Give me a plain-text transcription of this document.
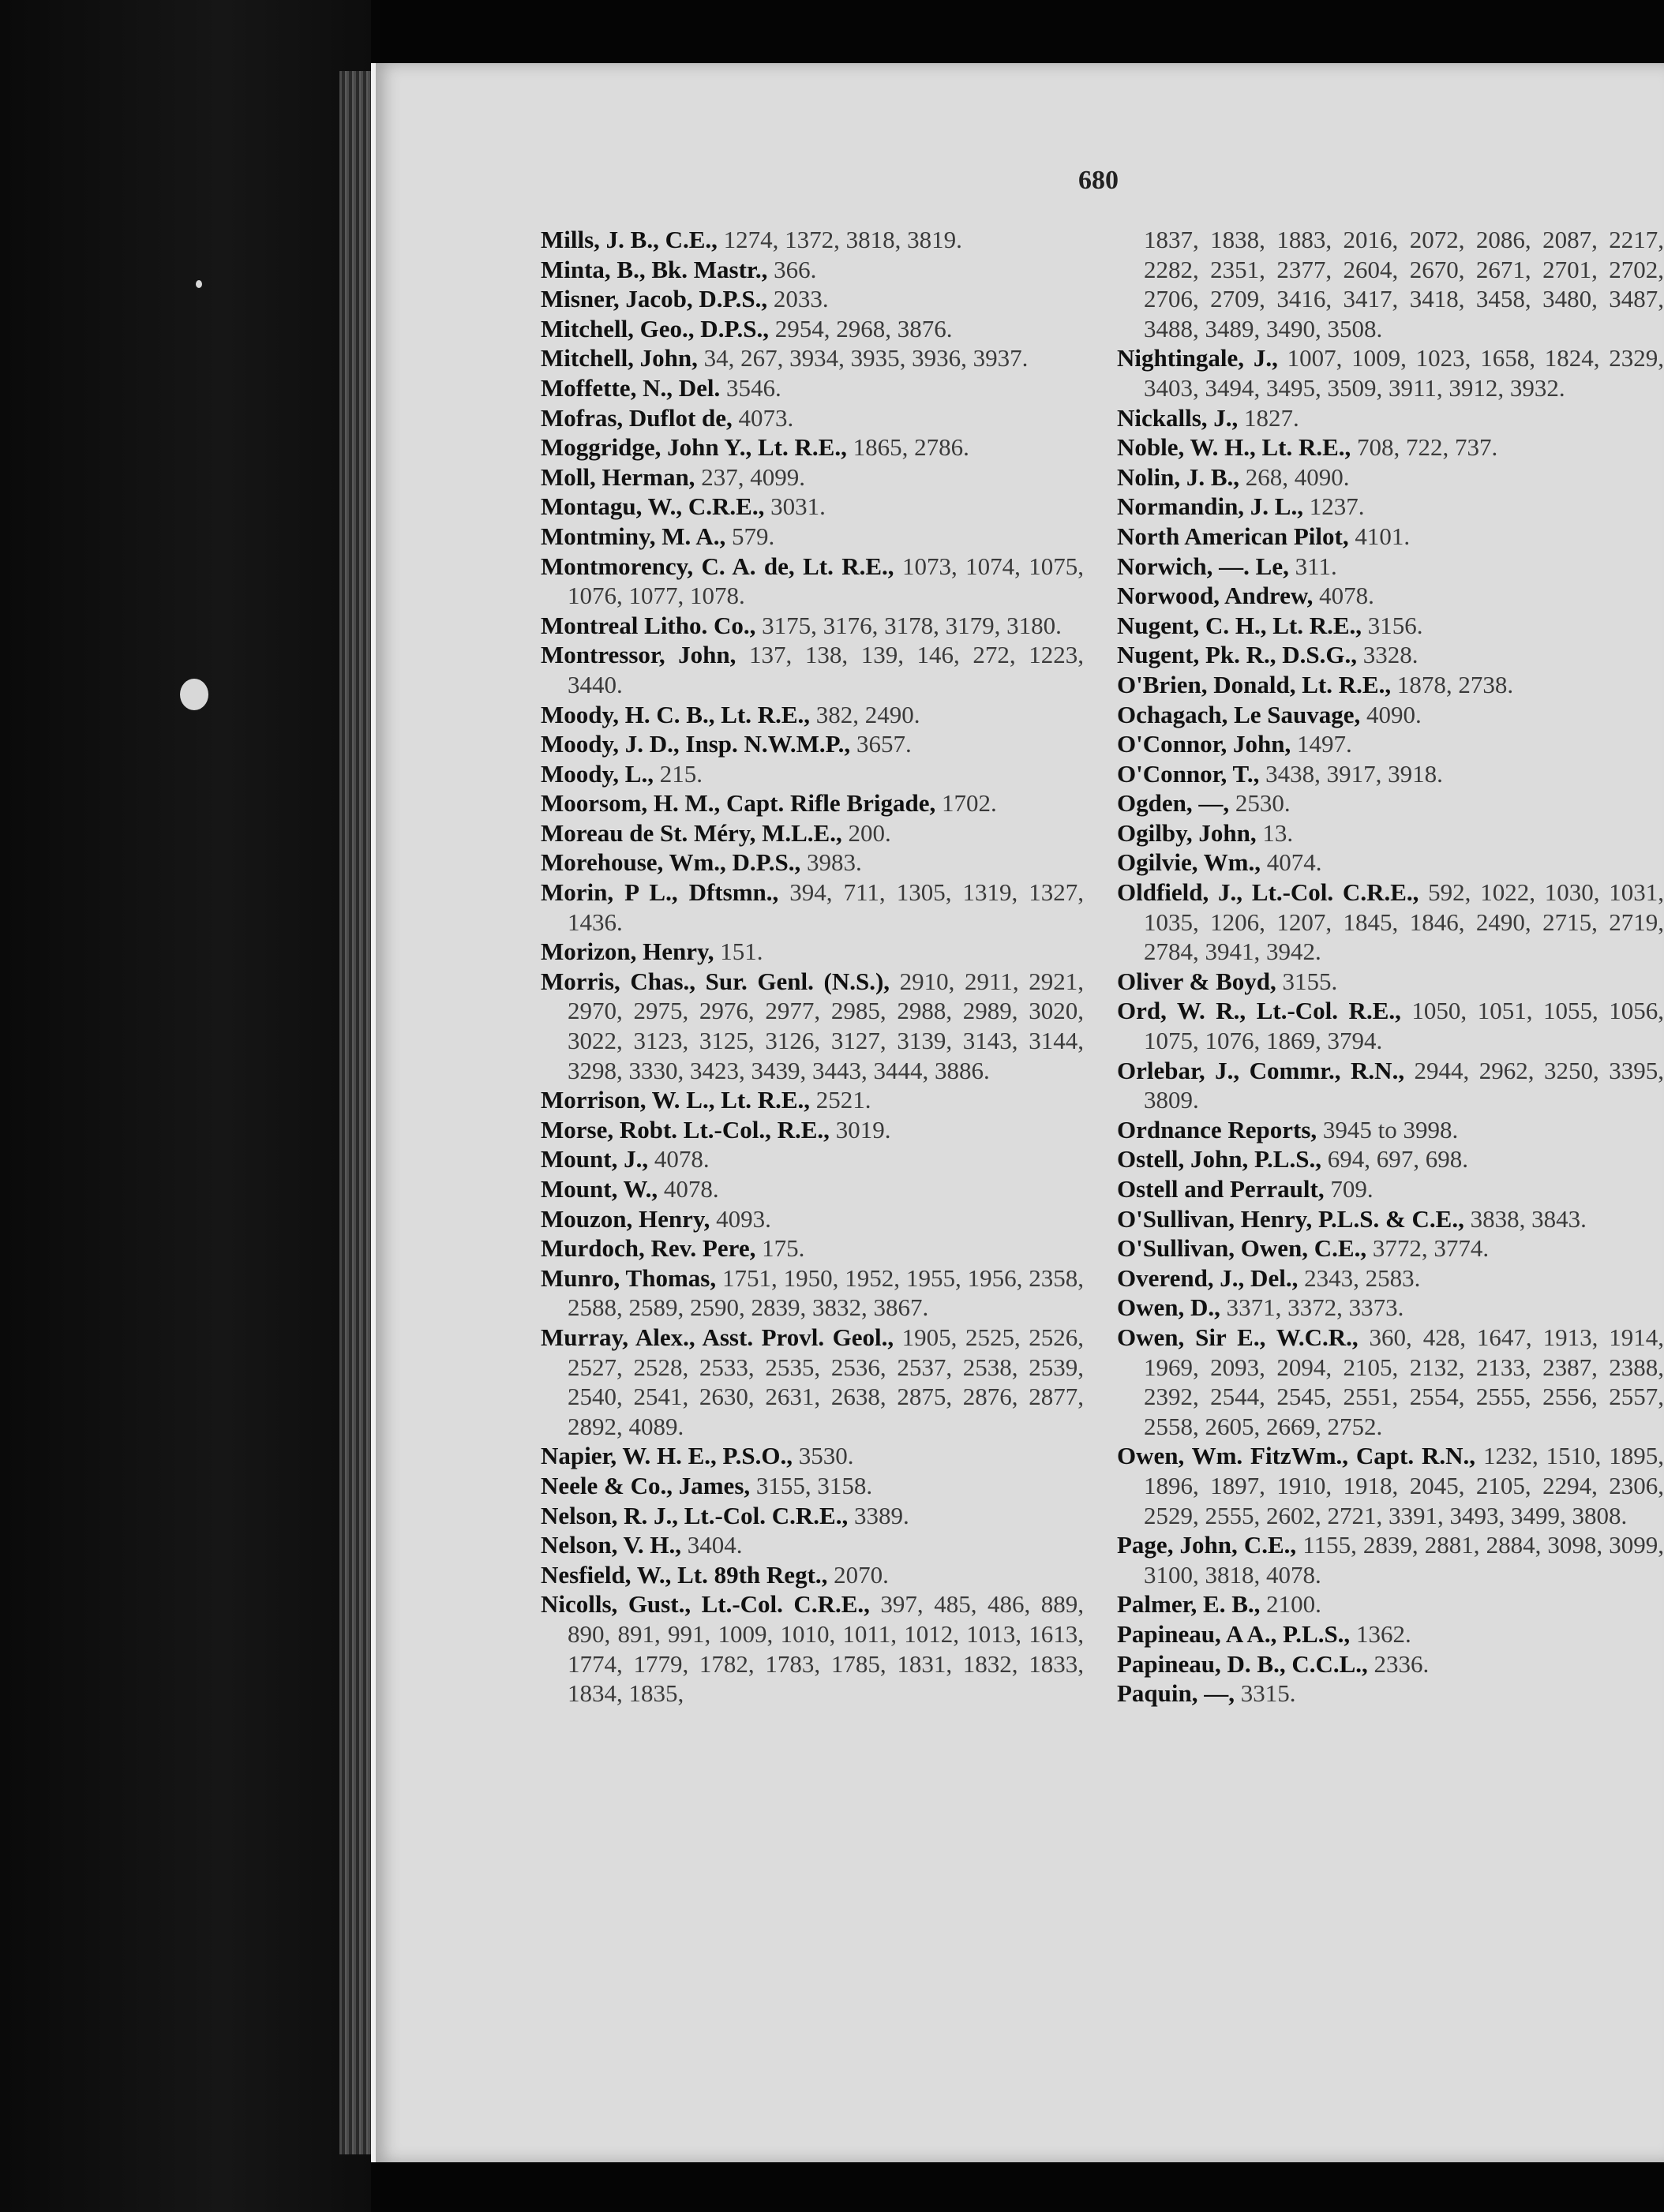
680
Mills, J. B., C.E., 1274, 1372, 3818, 3819.
Minta, B., Bk. Mastr., 366.
Misner, Jacob, D.P.S., 2033.
Mitchell, Geo., D.P.S., 2954, 2968, 3876.
Mitchell, John, 34, 267, 3934, 3935, 3936, 3937.
Moffette, N., Del. 3546.
Mofras, Duflot de, 4073.
Moggridge, John Y., Lt. R.E., 1865, 2786.
Moll, Herman, 237, 4099.
Montagu, W., C.R.E., 3031.
Montminy, M. A., 579.
Montmorency, C. A. de, Lt. R.E., 1073, 1074, 1075, 1076, 1077, 1078.
Montreal Litho. Co., 3175, 3176, 3178, 3179, 3180.
Montressor, John, 137, 138, 139, 146, 272, 1223, 3440.
Moody, H. C. B., Lt. R.E., 382, 2490.
Moody, J. D., Insp. N.W.M.P., 3657.
Moody, L., 215.
Moorsom, H. M., Capt. Rifle Brigade, 1702.
Moreau de St. Méry, M.L.E., 200.
Morehouse, Wm., D.P.S., 3983.
Morin, P L., Dftsmn., 394, 711, 1305, 1319, 1327, 1436.
Morizon, Henry, 151.
Morris, Chas., Sur. Genl. (N.S.), 2910, 2911, 2921, 2970, 2975, 2976, 2977, 2985, 2988, 2989, 3020, 3022, 3123, 3125, 3126, 3127, 3139, 3143, 3144, 3298, 3330, 3423, 3439, 3443, 3444, 3886.
Morrison, W. L., Lt. R.E., 2521.
Morse, Robt. Lt.-Col., R.E., 3019.
Mount, J., 4078.
Mount, W., 4078.
Mouzon, Henry, 4093.
Murdoch, Rev. Pere, 175.
Munro, Thomas, 1751, 1950, 1952, 1955, 1956, 2358, 2588, 2589, 2590, 2839, 3832, 3867.
Murray, Alex., Asst. Provl. Geol., 1905, 2525, 2526, 2527, 2528, 2533, 2535, 2536, 2537, 2538, 2539, 2540, 2541, 2630, 2631, 2638, 2875, 2876, 2877, 2892, 4089.
Napier, W. H. E., P.S.O., 3530.
Neele & Co., James, 3155, 3158.
Nelson, R. J., Lt.-Col. C.R.E., 3389.
Nelson, V. H., 3404.
Nesfield, W., Lt. 89th Regt., 2070.
Nicolls, Gust., Lt.-Col. C.R.E., 397, 485, 486, 889, 890, 891, 991, 1009, 1010, 1011, 1012, 1013, 1613, 1774, 1779, 1782, 1783, 1785, 1831, 1832, 1833, 1834, 1835,
1837, 1838, 1883, 2016, 2072, 2086, 2087, 2217, 2282, 2351, 2377, 2604, 2670, 2671, 2701, 2702, 2706, 2709, 3416, 3417, 3418, 3458, 3480, 3487, 3488, 3489, 3490, 3508.
Nightingale, J., 1007, 1009, 1023, 1658, 1824, 2329, 3403, 3494, 3495, 3509, 3911, 3912, 3932.
Nickalls, J., 1827.
Noble, W. H., Lt. R.E., 708, 722, 737.
Nolin, J. B., 268, 4090.
Normandin, J. L., 1237.
North American Pilot, 4101.
Norwich, —. Le, 311.
Norwood, Andrew, 4078.
Nugent, C. H., Lt. R.E., 3156.
Nugent, Pk. R., D.S.G., 3328.
O'Brien, Donald, Lt. R.E., 1878, 2738.
Ochagach, Le Sauvage, 4090.
O'Connor, John, 1497.
O'Connor, T., 3438, 3917, 3918.
Ogden, —, 2530.
Ogilby, John, 13.
Ogilvie, Wm., 4074.
Oldfield, J., Lt.-Col. C.R.E., 592, 1022, 1030, 1031, 1035, 1206, 1207, 1845, 1846, 2490, 2715, 2719, 2784, 3941, 3942.
Oliver & Boyd, 3155.
Ord, W. R., Lt.-Col. R.E., 1050, 1051, 1055, 1056, 1075, 1076, 1869, 3794.
Orlebar, J., Commr., R.N., 2944, 2962, 3250, 3395, 3809.
Ordnance Reports, 3945 to 3998.
Ostell, John, P.L.S., 694, 697, 698.
Ostell and Perrault, 709.
O'Sullivan, Henry, P.L.S. & C.E., 3838, 3843.
O'Sullivan, Owen, C.E., 3772, 3774.
Overend, J., Del., 2343, 2583.
Owen, D., 3371, 3372, 3373.
Owen, Sir E., W.C.R., 360, 428, 1647, 1913, 1914, 1969, 2093, 2094, 2105, 2132, 2133, 2387, 2388, 2392, 2544, 2545, 2551, 2554, 2555, 2556, 2557, 2558, 2605, 2669, 2752.
Owen, Wm. FitzWm., Capt. R.N., 1232, 1510, 1895, 1896, 1897, 1910, 1918, 2045, 2105, 2294, 2306, 2529, 2555, 2602, 2721, 3391, 3493, 3499, 3808.
Page, John, C.E., 1155, 2839, 2881, 2884, 3098, 3099, 3100, 3818, 4078.
Palmer, E. B., 2100.
Papineau, A A., P.L.S., 1362.
Papineau, D. B., C.C.L., 2336.
Paquin, —, 3315.
